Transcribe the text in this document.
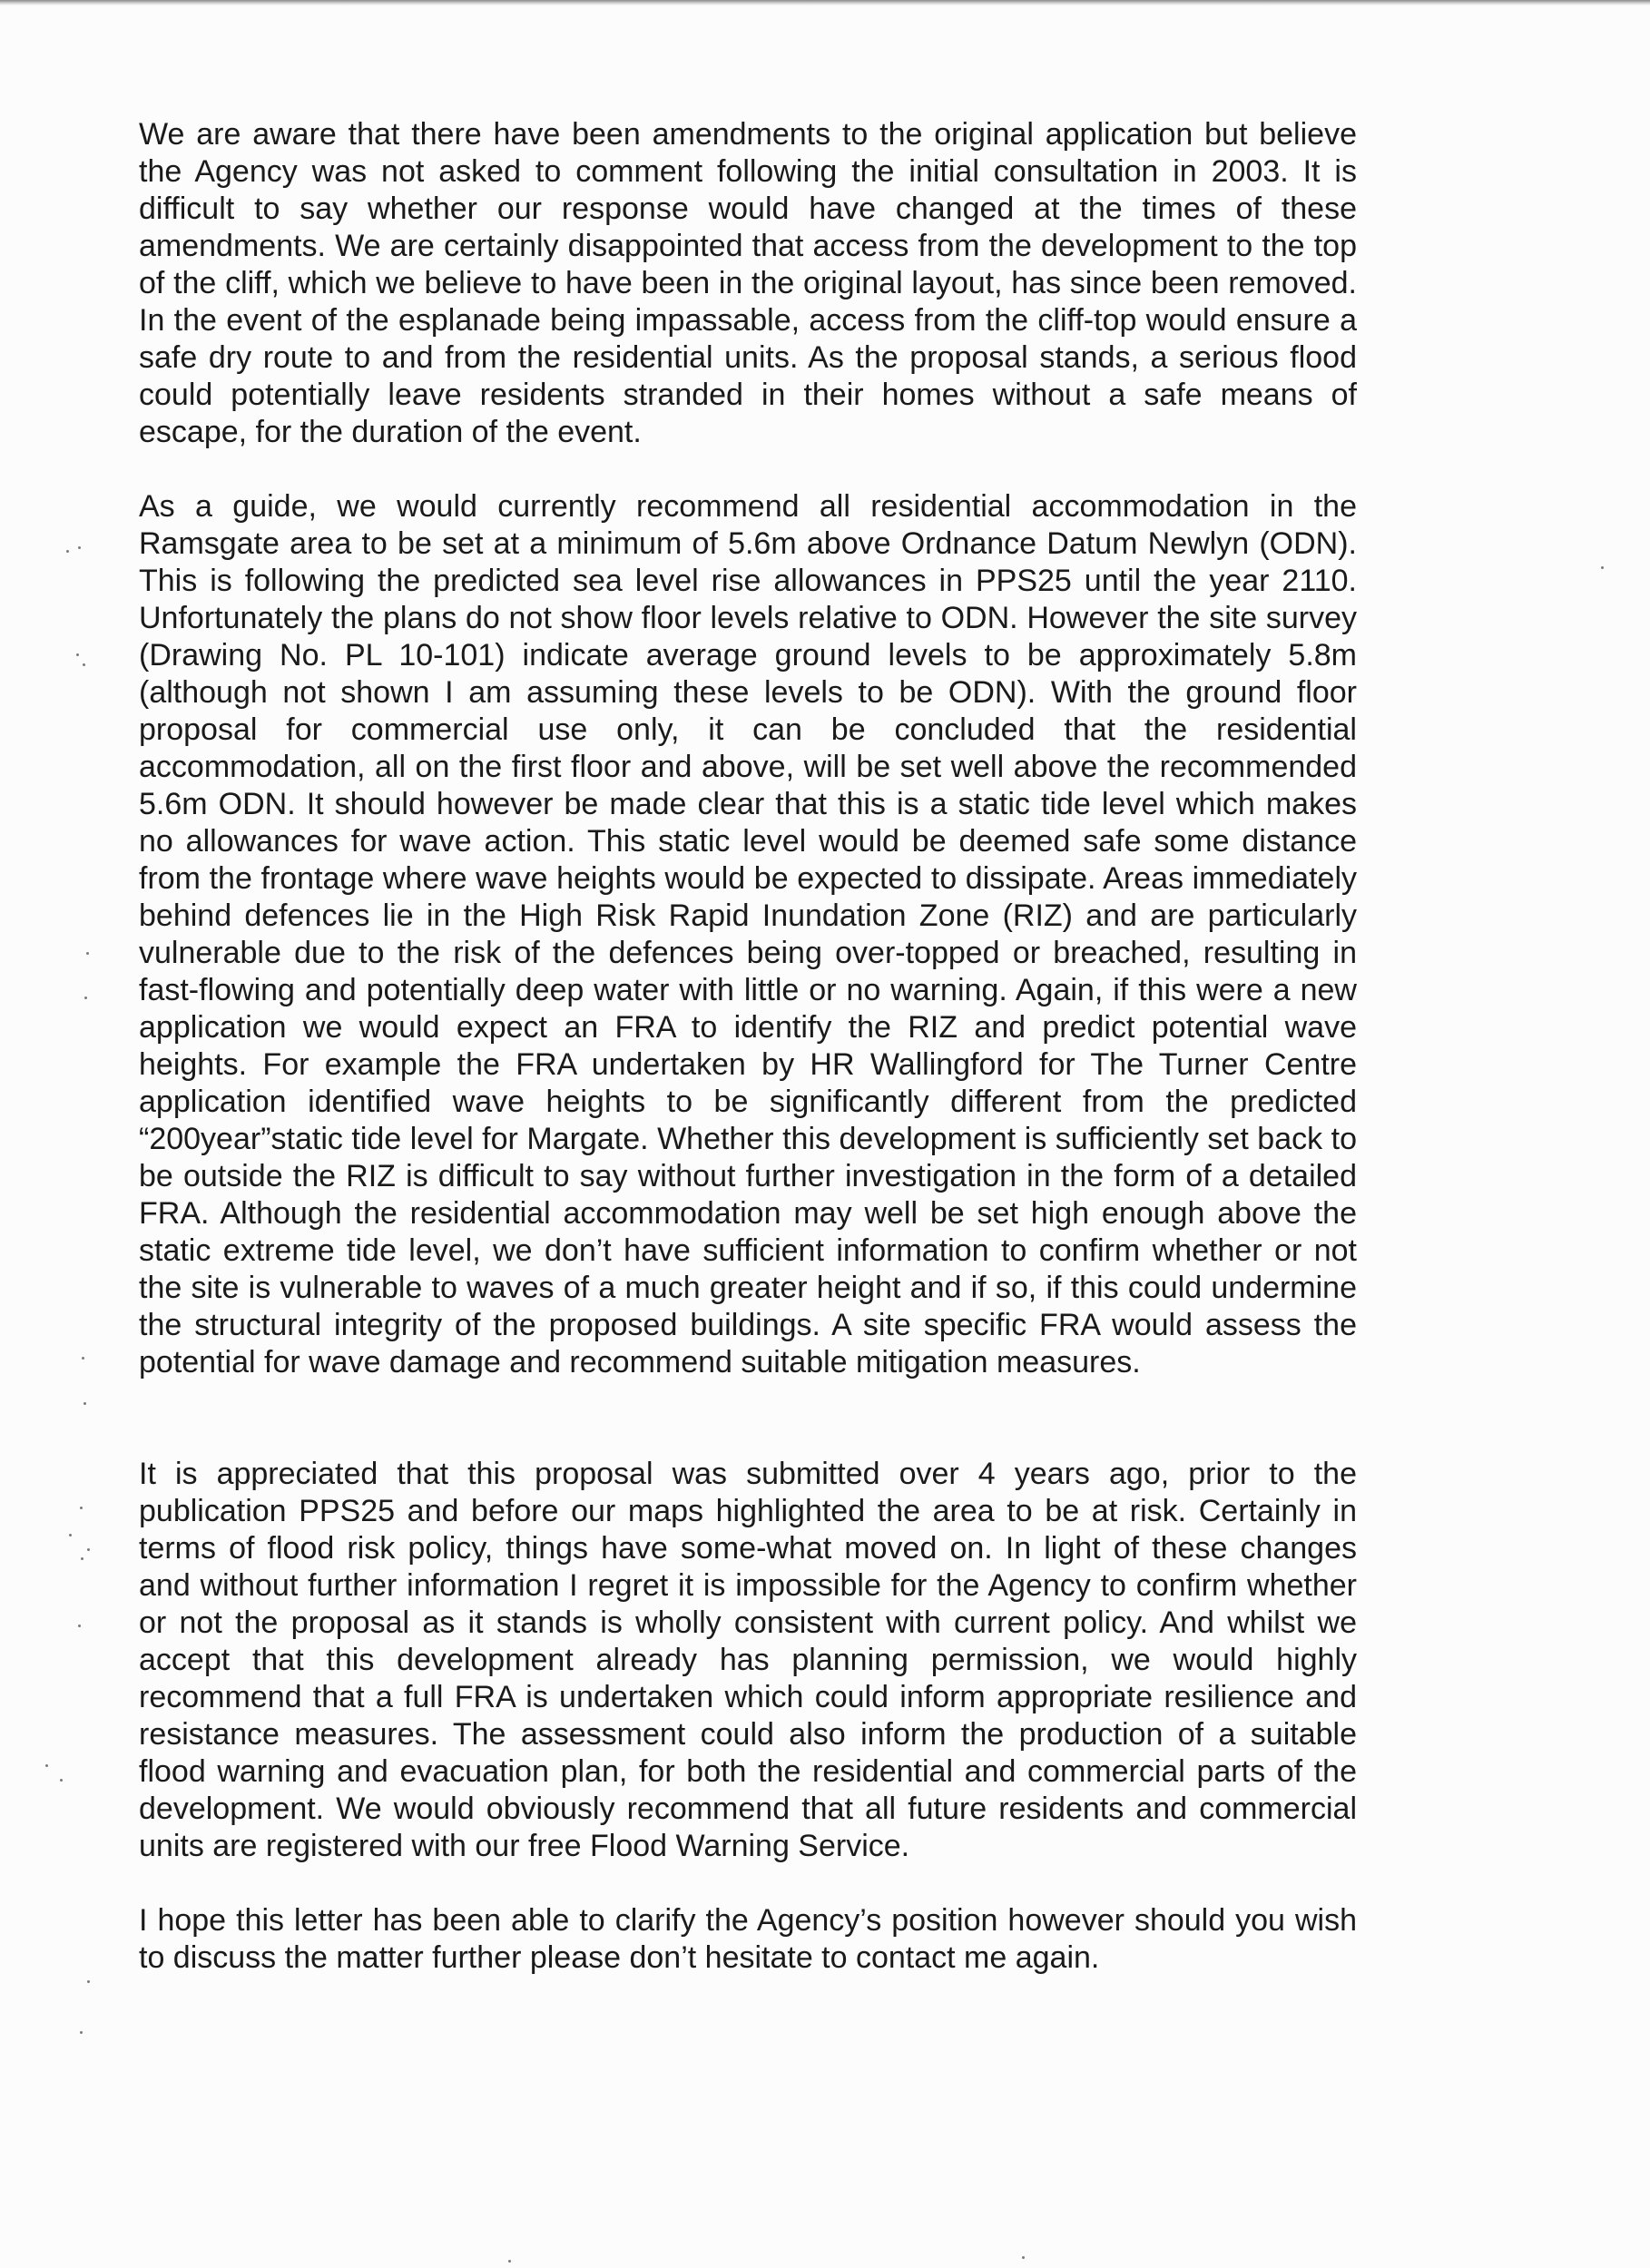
We are aware that there have been amendments to the original application but believe the Agency was not asked to comment following the initial consultation in 2003. It is difficult to say whether our response would have changed at the times of these amendments. We are certainly disappointed that access from the development to the top of the cliff, which we believe to have been in the original layout, has since been removed. In the event of the esplanade being impassable, access from the cliff-top would ensure a safe dry route to and from the residential units. As the proposal stands, a serious flood could potentially leave residents stranded in their homes without a safe means of escape, for the duration of the event.

As a guide, we would currently recommend all residential accommodation in the Ramsgate area to be set at a minimum of 5.6m above Ordnance Datum Newlyn (ODN). This is following the predicted sea level rise allowances in PPS25 until the year 2110. Unfortunately the plans do not show floor levels relative to ODN. However the site survey (Drawing No. PL 10-101) indicate average ground levels to be approximately 5.8m (although not shown I am assuming these levels to be ODN). With the ground floor proposal for commercial use only, it can be concluded that the residential accommodation, all on the first floor and above, will be set well above the recommended 5.6m ODN. It should however be made clear that this is a static tide level which makes no allowances for wave action. This static level would be deemed safe some distance from the frontage where wave heights would be expected to dissipate. Areas immediately behind defences lie in the High Risk Rapid Inundation Zone (RIZ) and are particularly vulnerable due to the risk of the defences being over-topped or breached, resulting in fast-flowing and potentially deep water with little or no warning. Again, if this were a new application we would expect an FRA to identify the RIZ and predict potential wave heights. For example the FRA undertaken by HR Wallingford for The Turner Centre application identified wave heights to be significantly different from the predicted “200year”static tide level for Margate. Whether this development is sufficiently set back to be outside the RIZ is difficult to say without further investigation in the form of a detailed FRA. Although the residential accommodation may well be set high enough above the static extreme tide level, we don’t have sufficient information to confirm whether or not the site is vulnerable to waves of a much greater height and if so, if this could undermine the structural integrity of the proposed buildings. A site specific FRA would assess the potential for wave damage and recommend suitable mitigation measures.

It is appreciated that this proposal was submitted over 4 years ago, prior to the publication PPS25 and before our maps highlighted the area to be at risk. Certainly in terms of flood risk policy, things have some-what moved on. In light of these changes and without further information I regret it is impossible for the Agency to confirm whether or not the proposal as it stands is wholly consistent with current policy. And whilst we accept that this development already has planning permission, we would highly recommend that a full FRA is undertaken which could inform appropriate resilience and resistance measures. The assessment could also inform the production of a suitable flood warning and evacuation plan, for both the residential and commercial parts of the development. We would obviously recommend that all future residents and commercial units are registered with our free Flood Warning Service.

I hope this letter has been able to clarify the Agency’s position however should you wish to discuss the matter further please don’t hesitate to contact me again.
